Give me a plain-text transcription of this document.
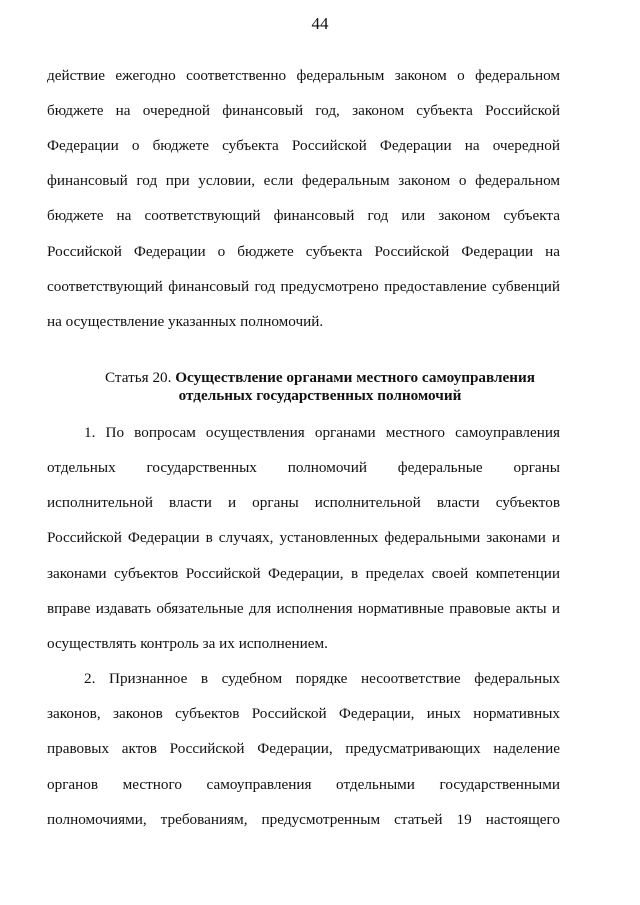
44
действие ежегодно соответственно федеральным законом о федеральном
бюджете на очередной финансовый год, законом субъекта Российской
Федерации о бюджете субъекта Российской Федерации на очередной
финансовый год при условии, если федеральным законом о федеральном
бюджете на соответствующий финансовый год или законом субъекта
Российской Федерации о бюджете субъекта Российской Федерации на
соответствующий финансовый год предусмотрено предоставление субвенций
на осуществление указанных полномочий.
Статья 20. Осуществление органами местного самоуправления
отдельных государственных полномочий
1. По вопросам осуществления органами местного самоуправления
отдельных государственных полномочий федеральные органы
исполнительной власти и органы исполнительной власти субъектов
Российской Федерации в случаях, установленных федеральными законами и
законами субъектов Российской Федерации, в пределах своей компетенции
вправе издавать обязательные для исполнения нормативные правовые акты и
осуществлять контроль за их исполнением.
2. Признанное в судебном порядке несоответствие федеральных
законов, законов субъектов Российской Федерации, иных нормативных
правовых актов Российской Федерации, предусматривающих наделение
органов местного самоуправления отдельными государственными
полномочиями, требованиям, предусмотренным статьей 19 настоящего
